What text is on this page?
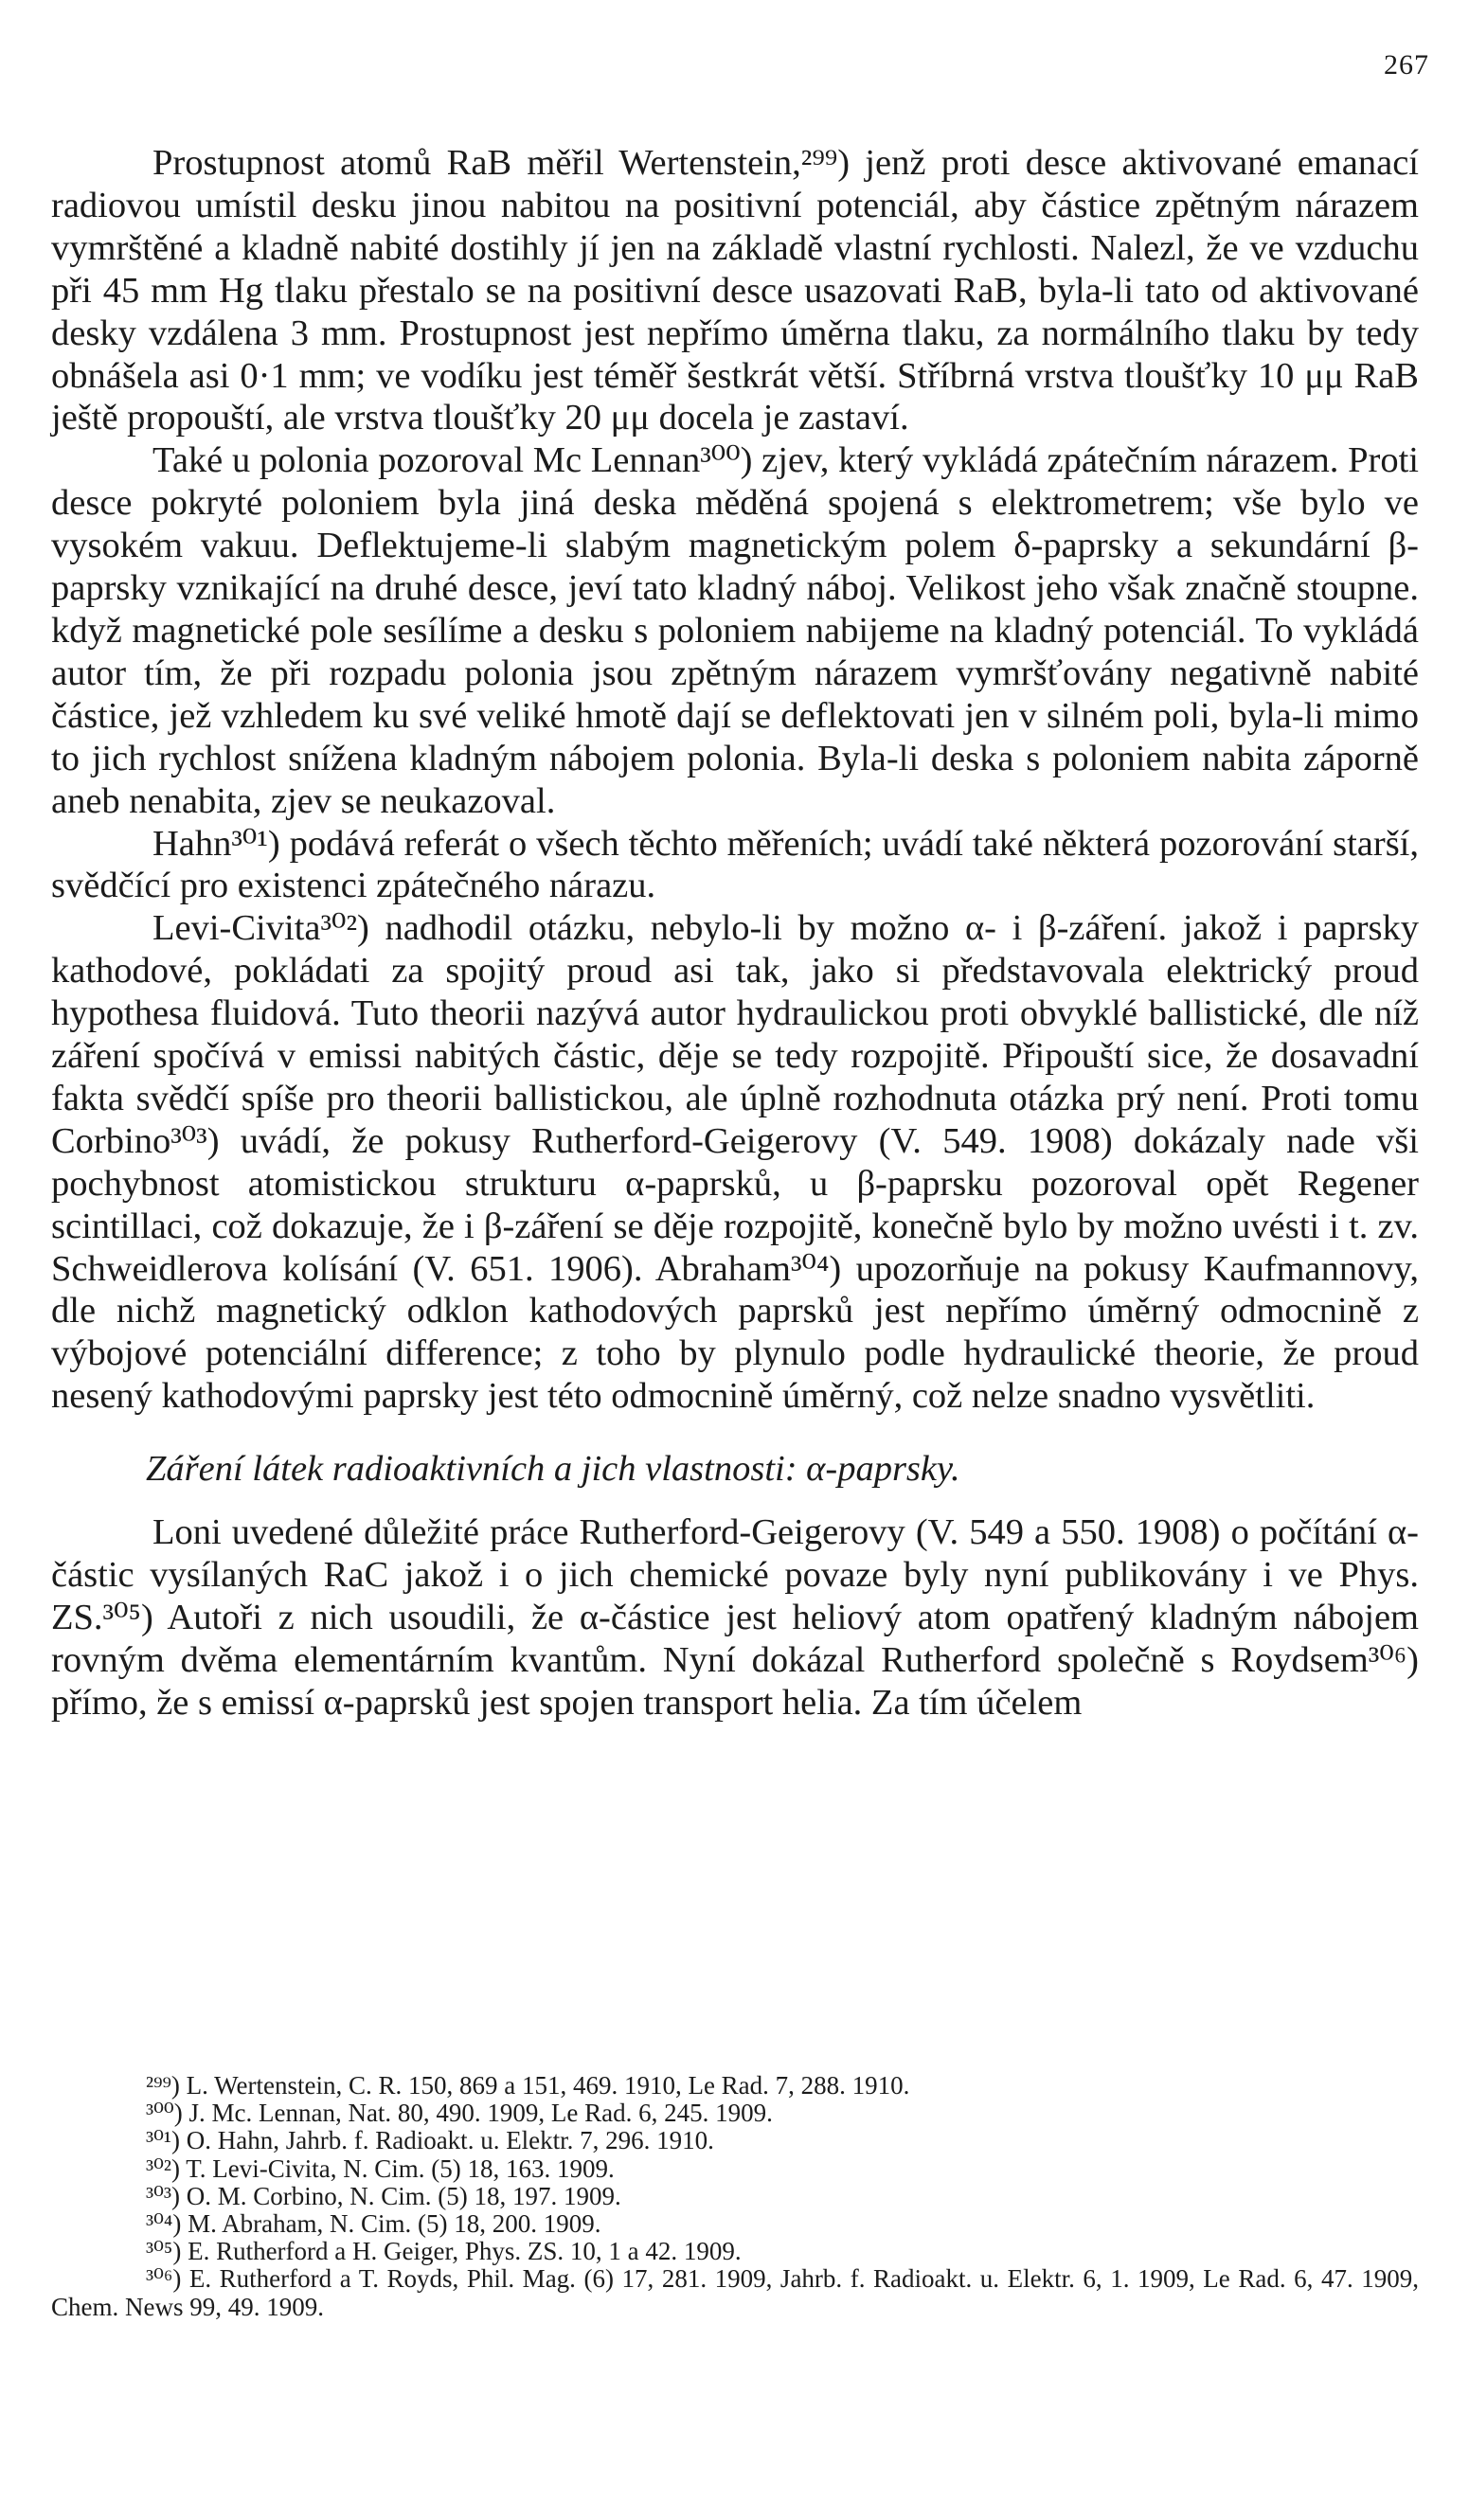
267

Prostupnost atomů RaB měřil Wertenstein,²⁹⁹) jenž proti desce aktivované emanací radiovou umístil desku jinou nabitou na positivní potenciál, aby částice zpětným nárazem vymrštěné a kladně nabité dostihly jí jen na základě vlastní rychlosti. Nalezl, že ve vzduchu při 45 mm Hg tlaku přestalo se na positivní desce usazovati RaB, byla-li tato od aktivované desky vzdálena 3 mm. Prostupnost jest nepřímo úměrna tlaku, za normálního tlaku by tedy obnášela asi 0·1 mm; ve vodíku jest téměř šestkrát větší. Stříbrná vrstva tloušťky 10 μμ RaB ještě propouští, ale vrstva tloušťky 20 μμ docela je zastaví.

Také u polonia pozoroval Mc Lennan³⁰⁰) zjev, který vykládá zpátečním nárazem. Proti desce pokryté poloniem byla jiná deska měděná spojená s elektrometrem; vše bylo ve vysokém vakuu. Deflektujeme-li slabým magnetickým polem δ-paprsky a sekundární β-paprsky vznikající na druhé desce, jeví tato kladný náboj. Velikost jeho však značně stoupne. když magnetické pole sesílíme a desku s poloniem nabijeme na kladný potenciál. To vykládá autor tím, že při rozpadu polonia jsou zpětným nárazem vymršťovány negativně nabité částice, jež vzhledem ku své veliké hmotě dají se deflektovati jen v silném poli, byla-li mimo to jich rychlost snížena kladným nábojem polonia. Byla-li deska s poloniem nabita záporně aneb nenabita, zjev se neukazoval.

Hahn³⁰¹) podává referát o všech těchto měřeních; uvádí také některá pozorování starší, svědčící pro existenci zpátečného nárazu.

Levi-Civita³⁰²) nadhodil otázku, nebylo-li by možno α- i β-záření. jakož i paprsky kathodové, pokládati za spojitý proud asi tak, jako si představovala elektrický proud hypothesa fluidová. Tuto theorii nazývá autor hydraulickou proti obvyklé ballistické, dle níž záření spočívá v emissi nabitých částic, děje se tedy rozpojitě. Připouští sice, že dosavadní fakta svědčí spíše pro theorii ballistickou, ale úplně rozhodnuta otázka prý není. Proti tomu Corbino³⁰³) uvádí, že pokusy Rutherford-Geigerovy (V. 549. 1908) dokázaly nade vši pochybnost atomistickou strukturu α-paprsků, u β-paprsku pozoroval opět Regener scintillaci, což dokazuje, že i β-záření se děje rozpojitě, konečně bylo by možno uvésti i t. zv. Schweidlerova kolísání (V. 651. 1906). Abraham³⁰⁴) upozorňuje na pokusy Kaufmannovy, dle nichž magnetický odklon kathodových paprsků jest nepřímo úměrný odmocnině z výbojové potenciální difference; z toho by plynulo podle hydraulické theorie, že proud nesený kathodovými paprsky jest této odmocnině úměrný, což nelze snadno vysvětliti.

Záření látek radioaktivních a jich vlastnosti: α-paprsky.

Loni uvedené důležité práce Rutherford-Geigerovy (V. 549 a 550. 1908) o počítání α-částic vysílaných RaC jakož i o jich chemické povaze byly nyní publikovány i ve Phys. ZS.³⁰⁵) Autoři z nich usoudili, že α-částice jest heliový atom opatřený kladným nábojem rovným dvěma elementárním kvantům. Nyní dokázal Rutherford společně s Roydsem³⁰⁶) přímo, že s emissí α-paprsků jest spojen transport helia. Za tím účelem

²⁹⁹) L. Wertenstein, C. R. 150, 869 a 151, 469. 1910, Le Rad. 7, 288. 1910.

³⁰⁰) J. Mc. Lennan, Nat. 80, 490. 1909, Le Rad. 6, 245. 1909.

³⁰¹) O. Hahn, Jahrb. f. Radioakt. u. Elektr. 7, 296. 1910.

³⁰²) T. Levi-Civita, N. Cim. (5) 18, 163. 1909.

³⁰³) O. M. Corbino, N. Cim. (5) 18, 197. 1909.

³⁰⁴) M. Abraham, N. Cim. (5) 18, 200. 1909.

³⁰⁵) E. Rutherford a H. Geiger, Phys. ZS. 10, 1 a 42. 1909.

³⁰⁶) E. Rutherford a T. Royds, Phil. Mag. (6) 17, 281. 1909, Jahrb. f. Radioakt. u. Elektr. 6, 1. 1909, Le Rad. 6, 47. 1909, Chem. News 99, 49. 1909.
